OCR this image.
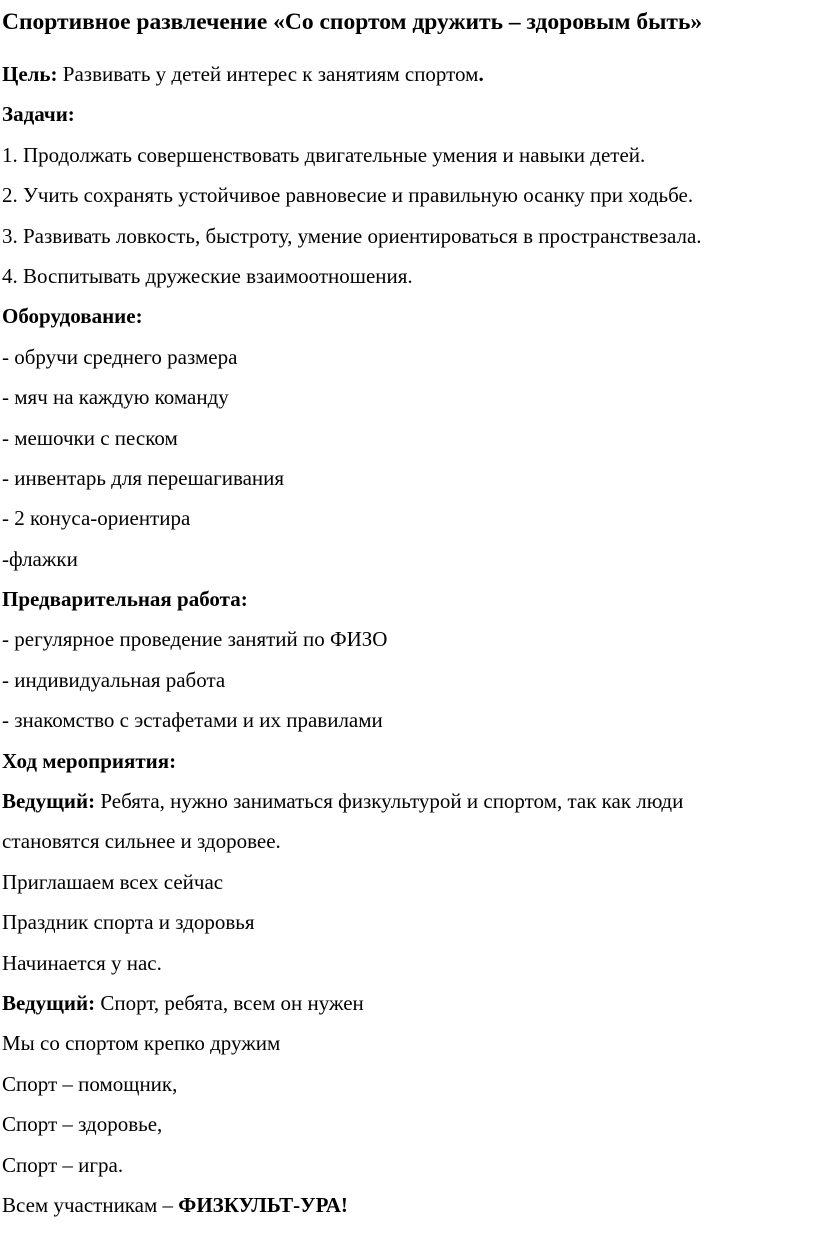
Спортивное развлечение «Со спортом дружить – здоровым быть»
Цель: Развивать у детей интерес к занятиям спортом.
Задачи:
1. Продолжать совершенствовать двигательные умения и навыки детей.
2. Учить сохранять устойчивое равновесие и правильную осанку при ходьбе.
3. Развивать ловкость, быстроту, умение ориентироваться в пространствезала.
4. Воспитывать дружеские взаимоотношения.
Оборудование:
- обручи среднего размера
- мяч на каждую команду
- мешочки с песком
- инвентарь для перешагивания
- 2 конуса-ориентира
-флажки
Предварительная работа:
- регулярное проведение занятий по ФИЗО
- индивидуальная работа
- знакомство с эстафетами и их правилами
Ход мероприятия:
Ведущий: Ребята, нужно заниматься физкультурой и спортом, так как люди
становятся сильнее и здоровее.
Приглашаем всех сейчас
Праздник спорта и здоровья
Начинается у нас.
Ведущий: Спорт, ребята, всем он нужен
Мы со спортом крепко дружим
Спорт – помощник,
Спорт – здоровье,
Спорт – игра.
Всем участникам – ФИЗКУЛЬТ-УРА!
